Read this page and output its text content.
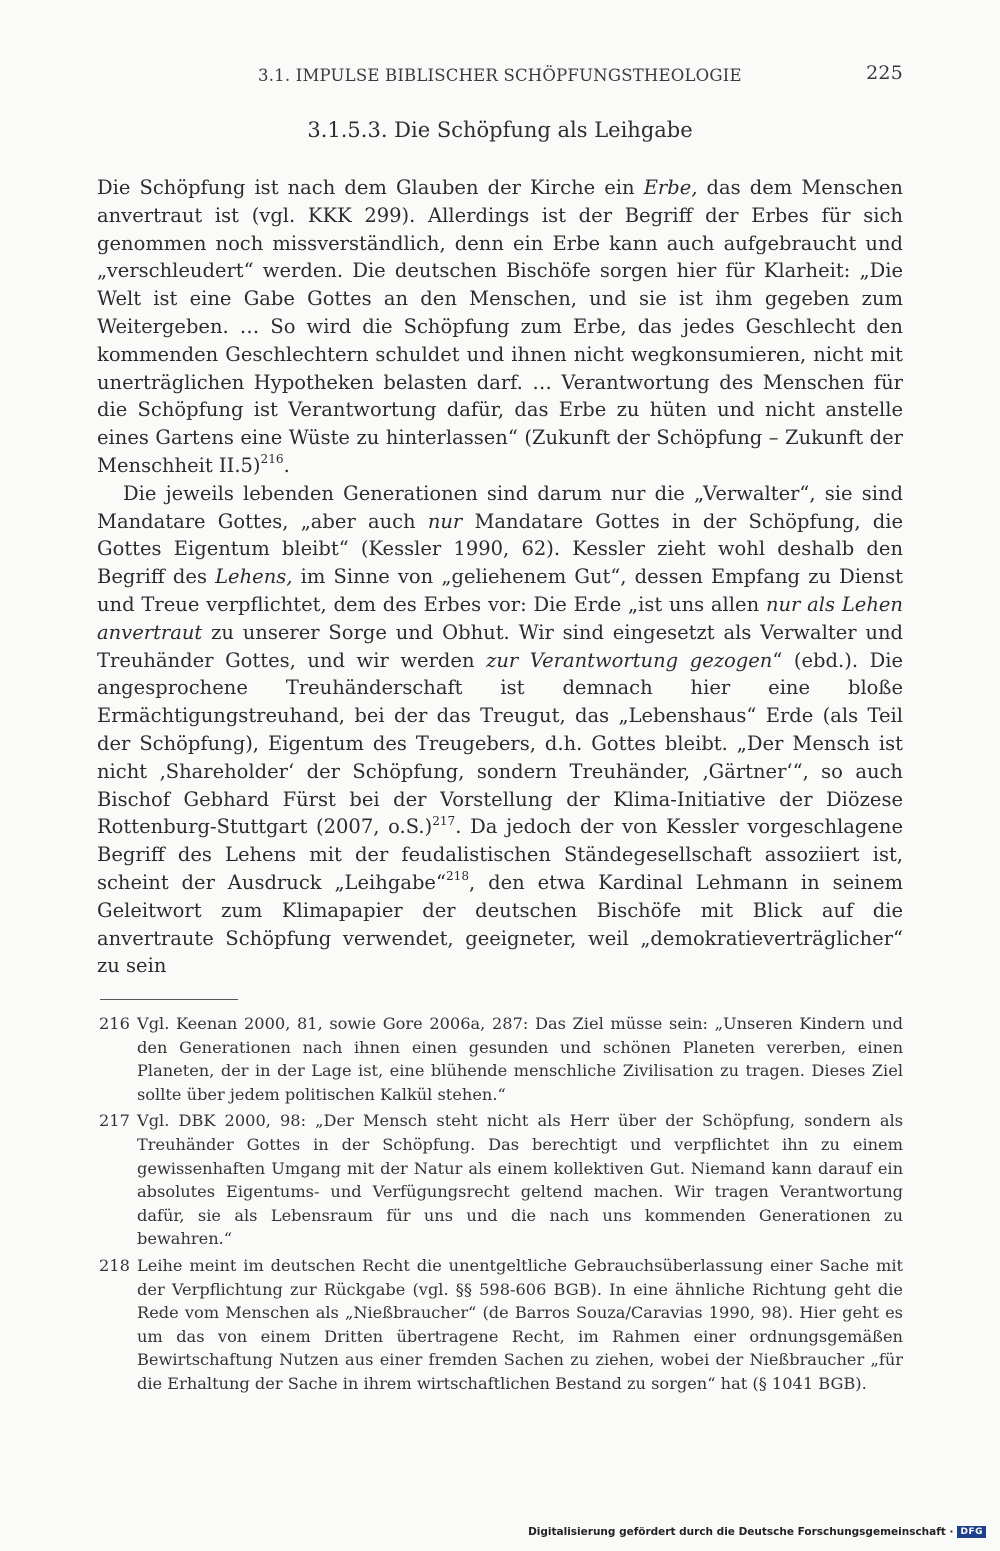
3.1. IMPULSE BIBLISCHER SCHÖPFUNGSTHEOLOGIE	225
3.1.5.3. Die Schöpfung als Leihgabe

Die Schöpfung ist nach dem Glauben der Kirche ein Erbe, das dem Menschen anvertraut ist (vgl. KKK 299). Allerdings ist der Begriff der Erbes für sich genommen noch missverständlich, denn ein Erbe kann auch aufgebraucht und „verschleudert“ werden. Die deutschen Bischöfe sorgen hier für Klarheit: „Die Welt ist eine Gabe Gottes an den Menschen, und sie ist ihm gegeben zum Weitergeben. … So wird die Schöpfung zum Erbe, das jedes Geschlecht den kommenden Geschlechtern schuldet und ihnen nicht wegkonsumieren, nicht mit unerträglichen Hypotheken belasten darf. … Verantwortung des Menschen für die Schöpfung ist Verantwortung dafür, das Erbe zu hüten und nicht anstelle eines Gartens eine Wüste zu hinterlassen“ (Zukunft der Schöpfung – Zukunft der Menschheit II.5)$^{216}$.

Die jeweils lebenden Generationen sind darum nur die „Verwalter“, sie sind Mandatare Gottes, „aber auch nur Mandatare Gottes in der Schöpfung, die Gottes Eigentum bleibt“ (Kessler 1990, 62). Kessler zieht wohl deshalb den Begriff des Lehens, im Sinne von „geliehenem Gut“, dessen Empfang zu Dienst und Treue verpflichtet, dem des Erbes vor: Die Erde „ist uns allen nur als Lehen anvertraut zu unserer Sorge und Obhut. Wir sind eingesetzt als Verwalter und Treuhänder Gottes, und wir werden zur Verantwortung gezogen“ (ebd.). Die angesprochene Treuhänderschaft ist demnach hier eine bloße Ermächtigungstreuhand, bei der das Treugut, das „Lebenshaus“ Erde (als Teil der Schöpfung), Eigentum des Treugebers, d.h. Gottes bleibt. „Der Mensch ist nicht ‚Shareholder‘ der Schöpfung, sondern Treuhänder, ‚Gärtner‘“, so auch Bischof Gebhard Fürst bei der Vorstellung der Klima-Initiative der Diözese Rottenburg-Stuttgart (2007, o.S.)$^{217}$. Da jedoch der von Kessler vorgeschlagene Begriff des Lehens mit der feudalistischen Ständegesellschaft assoziiert ist, scheint der Ausdruck „Leihgabe“$^{218}$, den etwa Kardinal Lehmann in seinem Geleitwort zum Klimapapier der deutschen Bischöfe mit Blick auf die anvertraute Schöpfung verwendet, geeigneter, weil „demokratieverträglicher“ zu sein

216 Vgl. Keenan 2000, 81, sowie Gore 2006a, 287: Das Ziel müsse sein: „Unseren Kindern und den Generationen nach ihnen einen gesunden und schönen Planeten vererben, einen Planeten, der in der Lage ist, eine blühende menschliche Zivilisation zu tragen. Dieses Ziel sollte über jedem politischen Kalkül stehen.“
217 Vgl. DBK 2000, 98: „Der Mensch steht nicht als Herr über der Schöpfung, sondern als Treuhänder Gottes in der Schöpfung. Das berechtigt und verpflichtet ihn zu einem gewissenhaften Umgang mit der Natur als einem kollektiven Gut. Niemand kann darauf ein absolutes Eigentums- und Verfügungsrecht geltend machen. Wir tragen Verantwortung dafür, sie als Lebensraum für uns und die nach uns kommenden Generationen zu bewahren.“
218 Leihe meint im deutschen Recht die unentgeltliche Gebrauchsüberlassung einer Sache mit der Verpflichtung zur Rückgabe (vgl. §§ 598-606 BGB). In eine ähnliche Richtung geht die Rede vom Menschen als „Nießbraucher“ (de Barros Souza/Caravias 1990, 98). Hier geht es um das von einem Dritten übertragene Recht, im Rahmen einer ordnungsgemäßen Bewirtschaftung Nutzen aus einer fremden Sachen zu ziehen, wobei der Nießbraucher „für die Erhaltung der Sache in ihrem wirtschaftlichen Bestand zu sorgen“ hat (§ 1041 BGB).
Digitalisierung gefördert durch die Deutsche Forschungsgemeinschaft · DFG
